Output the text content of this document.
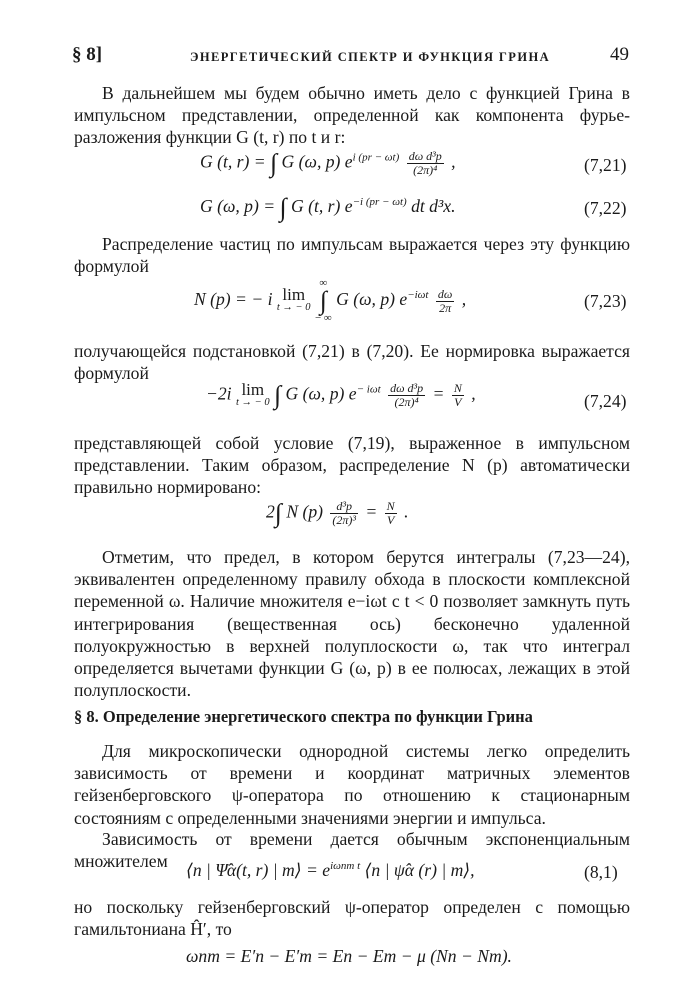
§ 8]	ЭНЕРГЕТИЧЕСКИЙ СПЕКТР И ФУНКЦИЯ ГРИНА	49
В дальнейшем мы будем обычно иметь дело с функцией Грина в импульсном представлении, определенной как компонента фурье-разложения функции G (t, r) по t и r:
G (t, r) = ∫ G (ω, p) $e^{i (pr - \omega t)} \frac{\text{dω d³p}}{\text{(2π)⁴}}$ ,	(7,21)
G (ω, p) = ∫ G (t, r) $e^{-i (pr - \omega t)}$ dt d³x.	(7,22)
Распределение частиц по импульсам выражается через эту функцию формулой
N (p) = − i lim
t → − 0

∞
∫
− ∞
G (ω, p) $e^{-i\omega t} \frac{d\omega}{2\pi}$ ,	(7,23)
получающейся подстановкой (7,21) в (7,20). Ее нормировка выражается формулой
−2i lim
t → − 0 ∫ G (ω, p) $e^{- i\omega t} \frac{\text{dω d³p}}{\text{(2π)⁴}} = \frac{N}{V}$ ,	(7,24)
представляющей собой условие (7,19), выраженное в импульсном представлении. Таким образом, распределение N (p) автоматически правильно нормировано:
2∫ N $(p) \frac{\text{d³p}}{\text{(2π)³}} = \frac{N}{V}$ .
Отметим, что предел, в котором берутся интегралы (7,23—24), эквивалентен определенному правилу обхода в плоскости комплексной переменной ω. Наличие множителя e−iωt с t < 0 позволяет замкнуть путь интегрирования (вещественная ось) бесконечно удаленной полуокружностью в верхней полуплоскости ω, так что интеграл определяется вычетами функции G (ω, p) в ее полюсах, лежащих в этой полуплоскости.
§ 8. Определение энергетического спектра по функции Грина
Для микроскопически однородной системы легко определить зависимость от времени и координат матричных элементов гейзенберговского ψ-оператора по отношению к стационарным состояниям с определенными значениями энергии и импульса.
Зависимость от времени дается обычным экспоненциальным множителем	⟨n | Ψ̂α(t, r) | m⟩ = $e^{i\omega nm t}$ ⟨n | ψ̂α (r) | m⟩,	(8,1)
но поскольку гейзенберговский ψ-оператор определен с помощью гамильтониана Ĥ′, то
ωnm = E′n − E′m = En − Em − μ (Nn − Nm).
